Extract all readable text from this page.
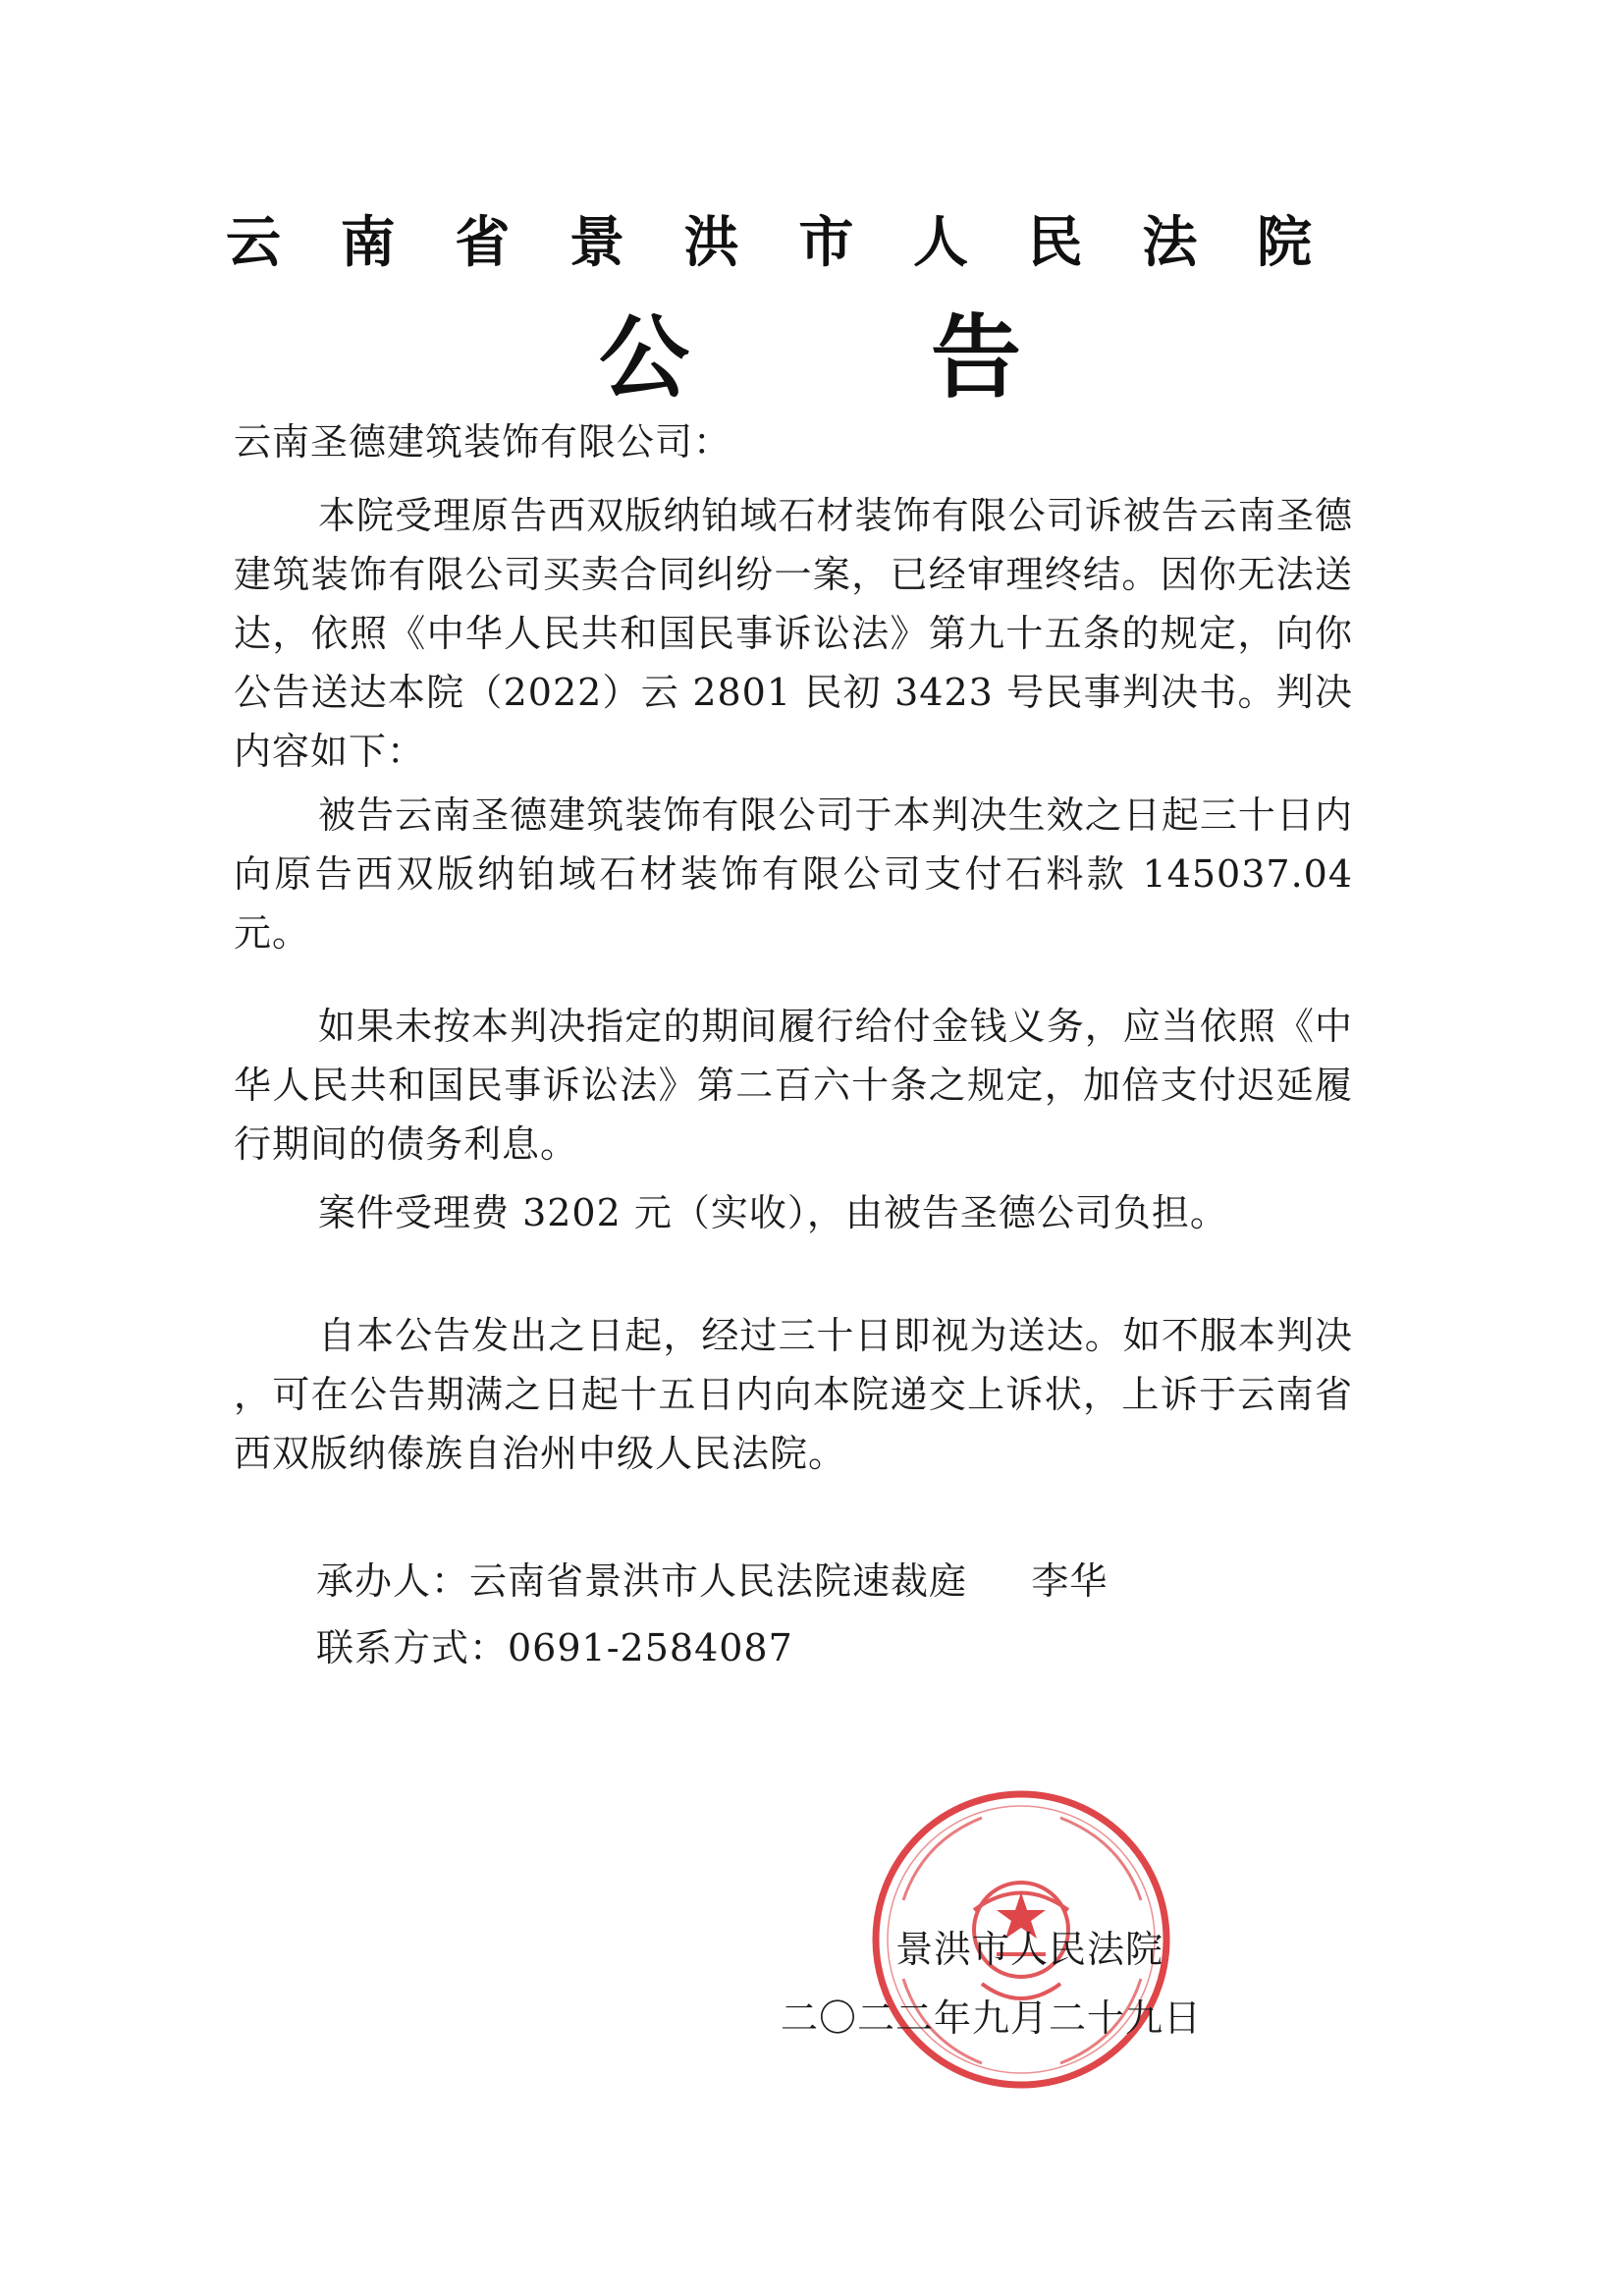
云南省景洪市人民法院
公告
云南圣德建筑装饰有限公司：

本院受理原告西双版纳铂域石材装饰有限公司诉被告云南圣德建筑装饰有限公司买卖合同纠纷一案，已经审理终结。因你无法送达，依照《中华人民共和国民事诉讼法》第九十五条的规定，向你公告送达本院（2022）云 2801 民初 3423 号民事判决书。判决内容如下：

被告云南圣德建筑装饰有限公司于本判决生效之日起三十日内向原告西双版纳铂域石材装饰有限公司支付石料款 145037.04 元。

如果未按本判决指定的期间履行给付金钱义务，应当依照《中华人民共和国民事诉讼法》第二百六十条之规定，加倍支付迟延履行期间的债务利息。

案件受理费 3202 元（实收），由被告圣德公司负担。

自本公告发出之日起，经过三十日即视为送达。如不服本判决 ，可在公告期满之日起十五日内向本院递交上诉状，上诉于云南省西双版纳傣族自治州中级人民法院。

承办人：云南省景洪市人民法院速裁庭     李华
联系方式：0691-2584087
景洪市人民法院
二〇二二年九月二十九日
